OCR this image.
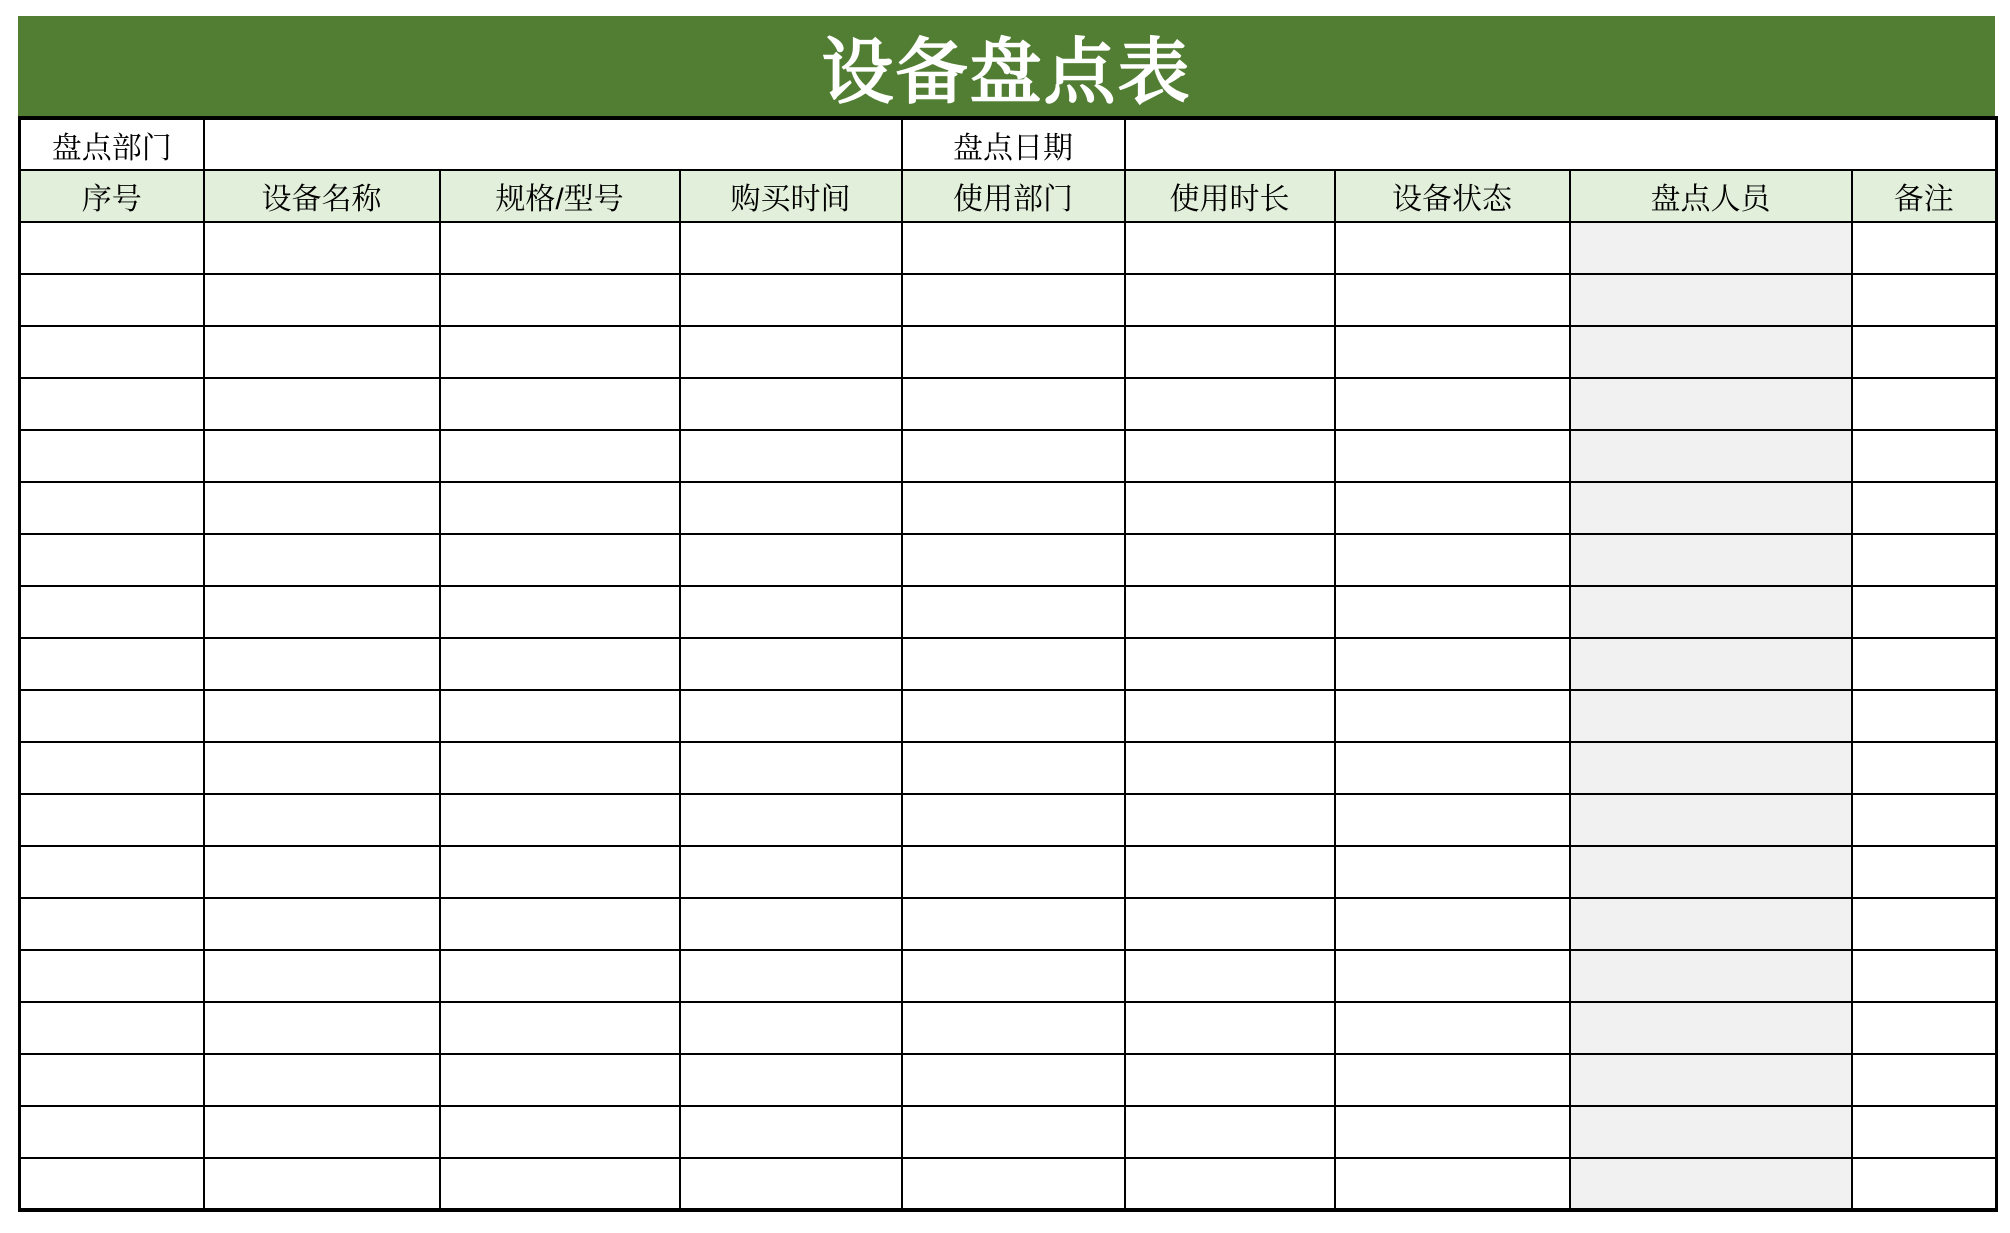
设备盘点表
盘点部门				盘点日期				
序号	设备名称	规格/型号	购买时间	使用部门	使用时长	设备状态	盘点人员	备注
